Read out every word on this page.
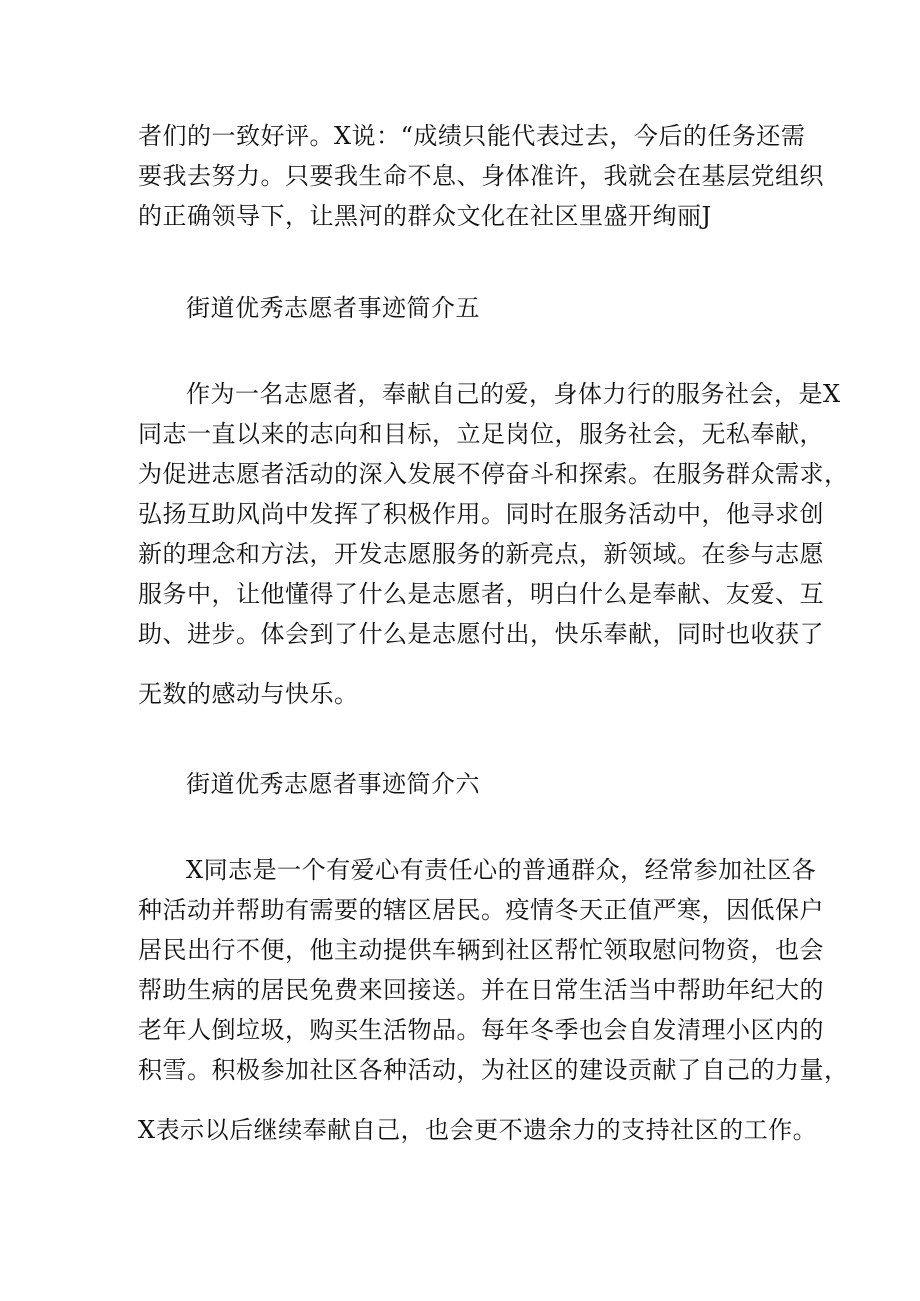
者们的一致好评。X说：“成绩只能代表过去，今后的任务还需
要我去努力。只要我生命不息、身体准许，我就会在基层党组织
的正确领导下，让黑河的群众文化在社区里盛开绚丽J
街道优秀志愿者事迹简介五
作为一名志愿者，奉献自己的爱，身体力行的服务社会，是X
同志一直以来的志向和目标，立足岗位，服务社会，无私奉献，
为促进志愿者活动的深入发展不停奋斗和探索。在服务群众需求，
弘扬互助风尚中发挥了积极作用。同时在服务活动中，他寻求创
新的理念和方法，开发志愿服务的新亮点，新领域。在参与志愿
服务中，让他懂得了什么是志愿者，明白什么是奉献、友爱、互
助、进步。体会到了什么是志愿付出，快乐奉献，同时也收获了
无数的感动与快乐。
街道优秀志愿者事迹简介六
X同志是一个有爱心有责任心的普通群众，经常参加社区各
种活动并帮助有需要的辖区居民。疫情冬天正值严寒，因低保户
居民出行不便，他主动提供车辆到社区帮忙领取慰问物资，也会
帮助生病的居民免费来回接送。并在日常生活当中帮助年纪大的
老年人倒垃圾，购买生活物品。每年冬季也会自发清理小区内的
积雪。积极参加社区各种活动，为社区的建设贡献了自己的力量，
X表示以后继续奉献自己，也会更不遗余力的支持社区的工作。
